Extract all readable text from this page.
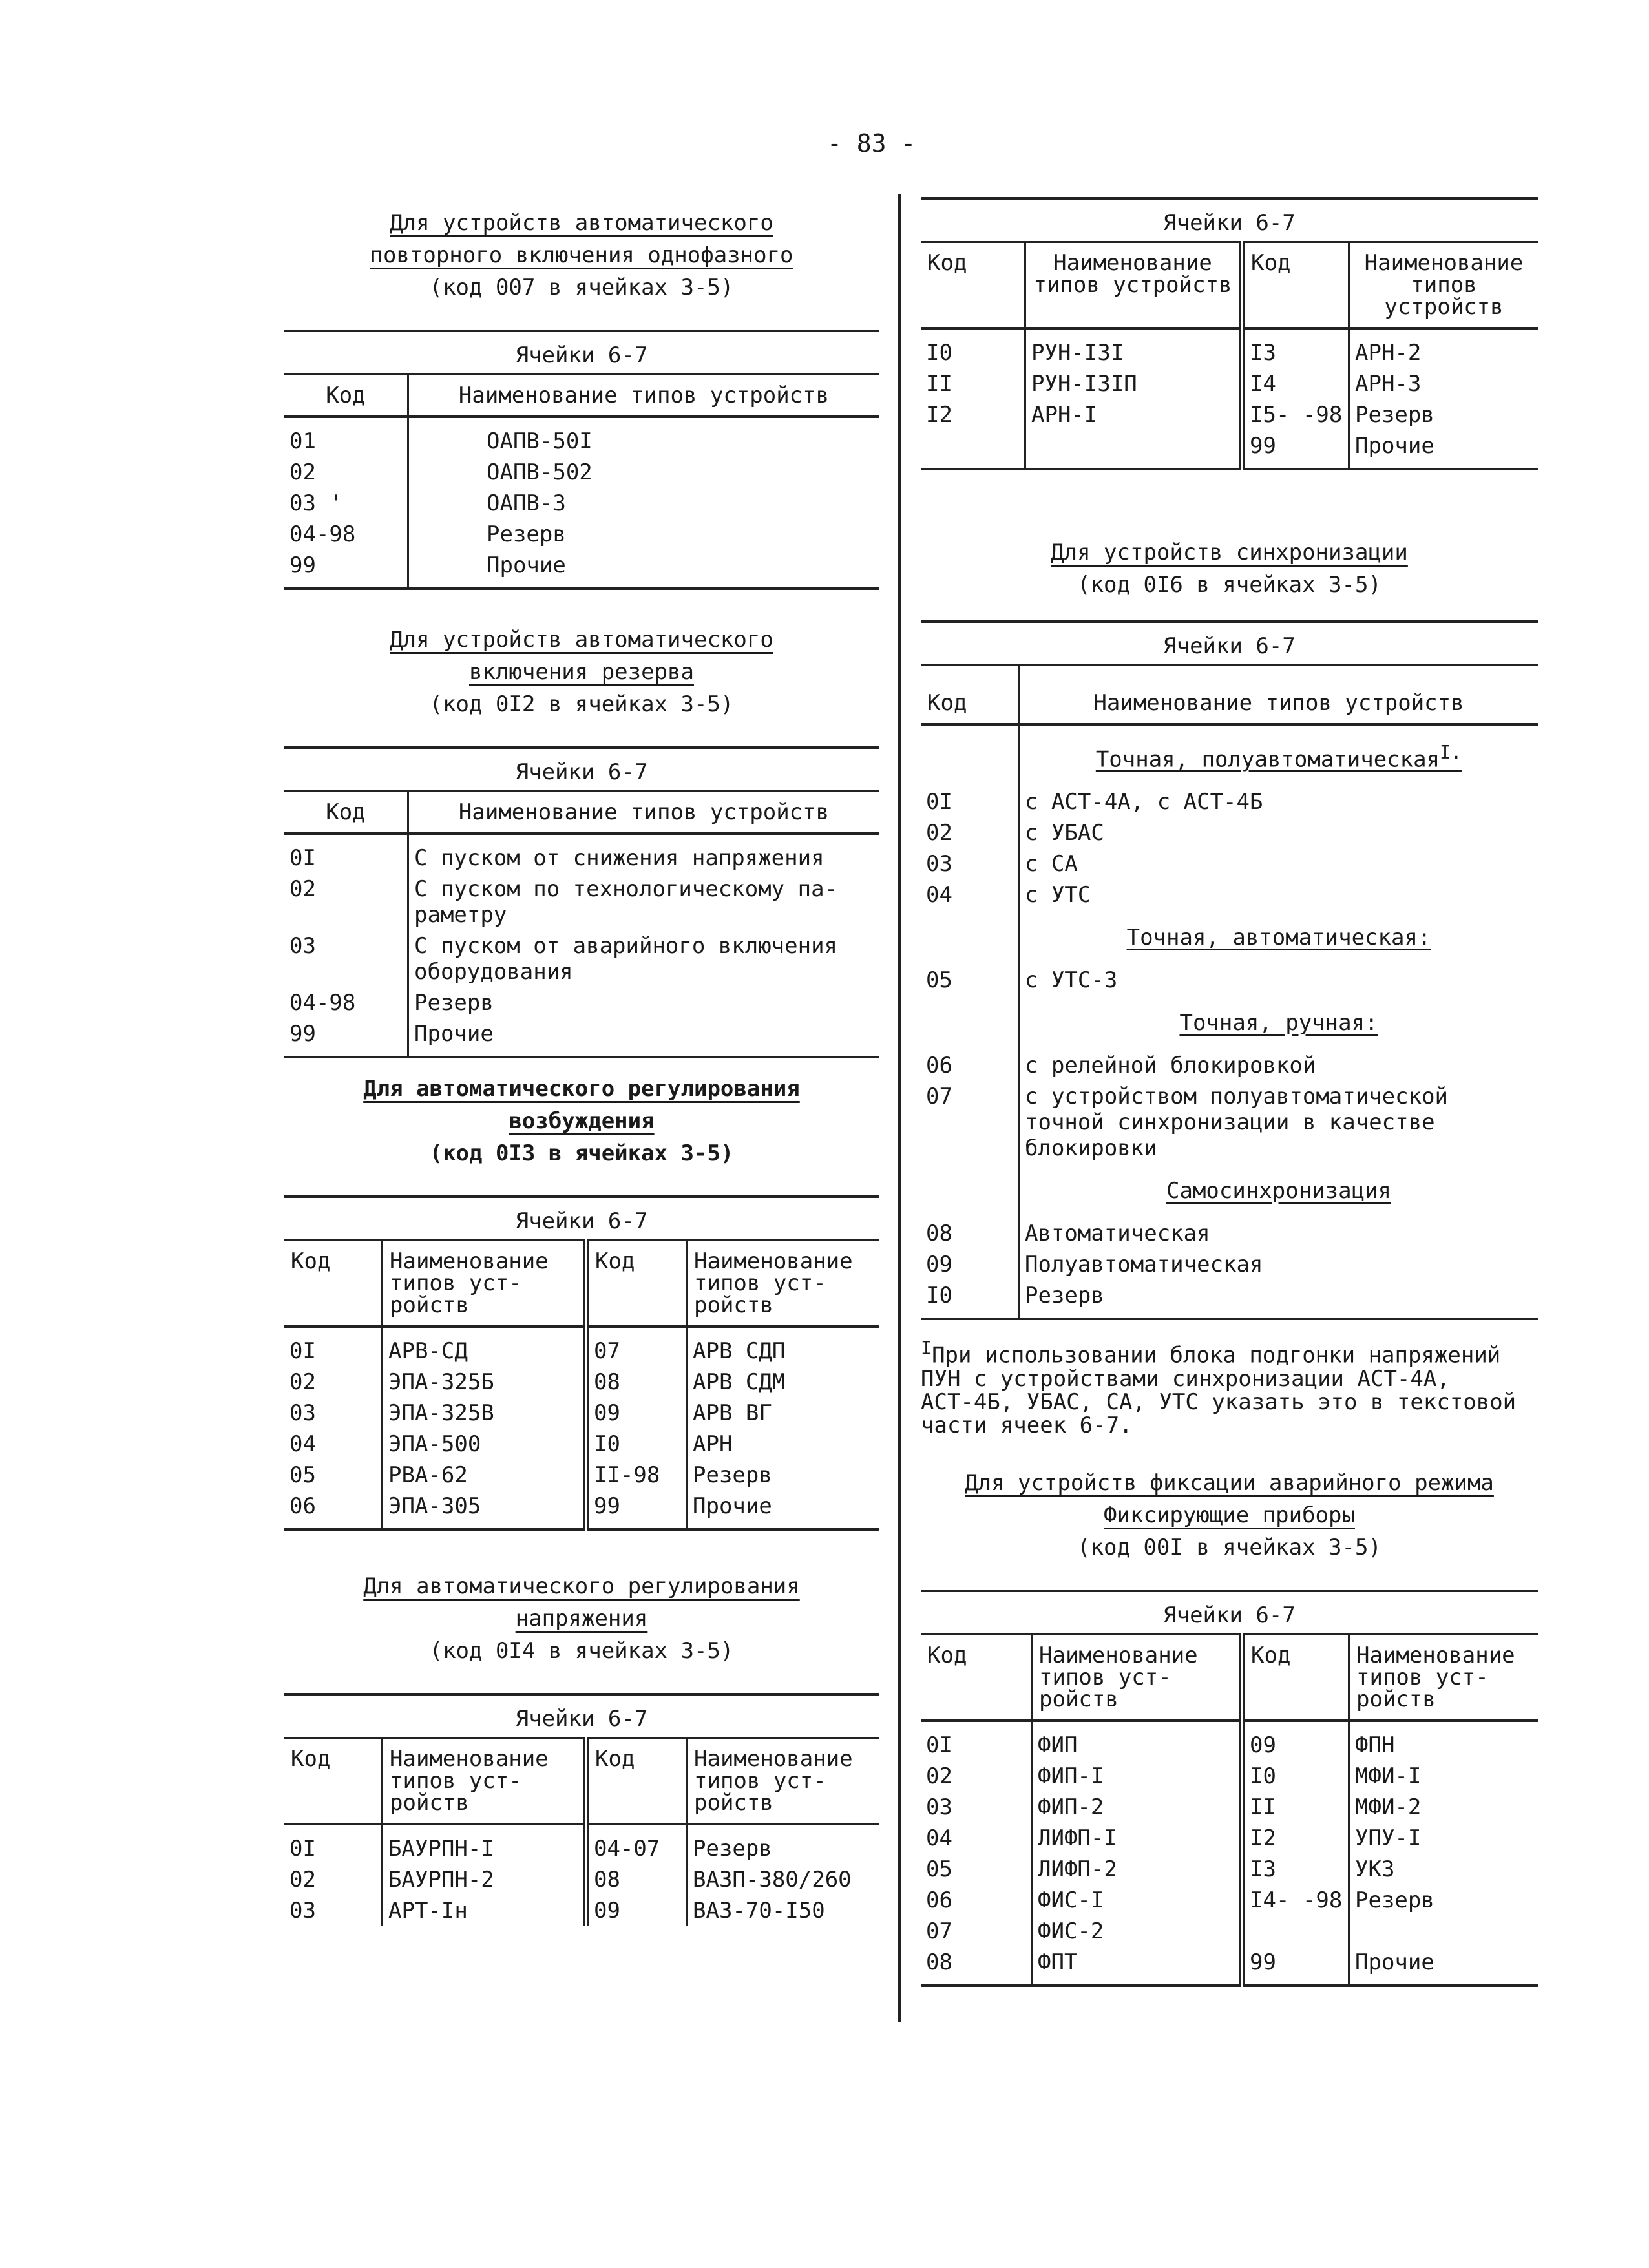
- 83 -
Для устройств автоматического
повторного включения однофазного
(код 007 в ячейках 3-5)
Ячейки 6-7	
Код	Наименование типов устройств
01	ОАПВ-50I
02	ОАПВ-502
03 '	ОАПВ-3
04-98	Резерв
99	Прочие
Для устройств автоматического
включения резерва
(код 0I2 в ячейках 3-5)
Ячейки 6-7	
Код	Наименование типов устройств
0I	С пуском от снижения напряжения
02	С пуском по технологическому па- раметру
03	С пуском от аварийного включения оборудования
04-98	Резерв
99	Прочие
Для автоматического регулирования
возбуждения
(код 0I3 в ячейках 3-5)
Ячейки 6-7			
Код	Наименование типов уст- ройств	Код	Наименование типов уст- ройств
0I	АРВ-СД	07	АРВ СДП
02	ЭПА-325Б	08	АРВ СДМ
03	ЭПА-325В	09	АРВ ВГ
04	ЭПА-500	I0	АРН
05	РВА-62	II-98	Резерв
06	ЭПА-305	99	Прочие
Для автоматического регулирования
напряжения
(код 0I4 в ячейках 3-5)
Ячейки 6-7			
Код	Наименование типов уст- ройств	Код	Наименование типов уст- ройств
0I	БАУРПН-I	04-07	Резерв
02	БАУРПН-2	08	ВАЗП-380/260
03	АРТ-Iн	09	ВАЗ-70-I50
Ячейки 6-7			
Код	Наименование типов устройств	Код	Наименование типов устройств
I0	РУН-I3I	I3	АРН-2
II	РУН-I3IП	I4	АРН-3
I2	АРН-I	I5- -98	Резерв
		99	Прочие
Для устройств синхронизации
(код 0I6 в ячейках 3-5)
Ячейки 6-7	
Код	Наименование типов устройств
	Точная, полуавтоматическая$^{I.}$
0I	с АСТ-4А, с АСТ-4Б
02	с УБАС
03	с СА
04	с УТС
	Точная, автоматическая:
05	с УТС-3
	Точная, ручная:
06	с релейной блокировкой
07	с устройством полуавтоматической точной синхронизации в качестве блокировки
	Самосинхронизация
08	Автоматическая
09	Полуавтоматическая
I0	Резерв
$^I$При использовании блока подгонки напряжений ПУН с устройствами синхронизации АСТ-4А, АСТ-4Б, УБАС, СА, УТС указать это в текстовой части ячеек 6-7.
Для устройств фиксации аварийного режима
Фиксирующие приборы
(код 00I в ячейках 3-5)
Ячейки 6-7			
Код	Наименование типов уст- ройств	Код	Наименование типов уст- ройств
0I	ФИП	09	ФПН
02	ФИП-I	I0	МФИ-I
03	ФИП-2	II	МФИ-2
04	ЛИФП-I	I2	УПУ-I
05	ЛИФП-2	I3	УКЗ
06	ФИС-I	I4- -98	Резерв
07	ФИС-2		
08	ФПТ	99	Прочие
